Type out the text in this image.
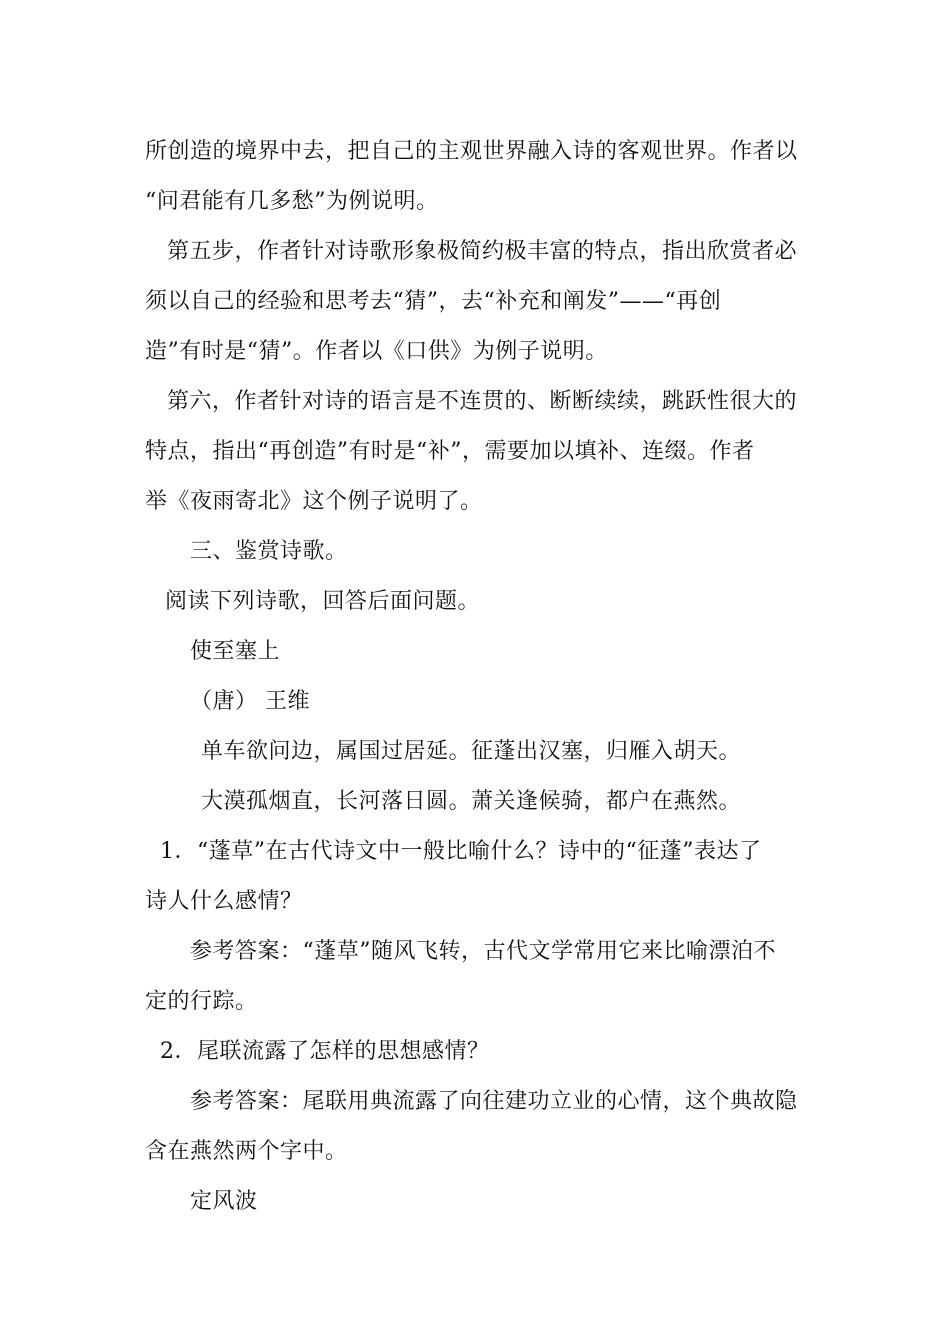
所创造的境界中去，把自己的主观世界融入诗的客观世界。作者以
“问君能有几多愁”为例说明。
第五步，作者针对诗歌形象极简约极丰富的特点，指出欣赏者必
须以自己的经验和思考去“猜”，去“补充和阐发”——“再创
造”有时是“猜”。作者以《口供》为例子说明。
第六，作者针对诗的语言是不连贯的、断断续续，跳跃性很大的
特点，指出“再创造”有时是“补”，需要加以填补、连缀。作者
举《夜雨寄北》这个例子说明了。
三、鉴赏诗歌。
阅读下列诗歌，回答后面问题。
使至塞上
（唐） 王维
单车欲问边，属国过居延。征蓬出汉塞，归雁入胡天。
大漠孤烟直，长河落日圆。萧关逢候骑，都户在燕然。
1．“蓬草”在古代诗文中一般比喻什么？诗中的“征蓬”表达了
诗人什么感情？
参考答案：“蓬草”随风飞转，古代文学常用它来比喻漂泊不
定的行踪。
2．尾联流露了怎样的思想感情？
参考答案：尾联用典流露了向往建功立业的心情，这个典故隐
含在燕然两个字中。
定风波
